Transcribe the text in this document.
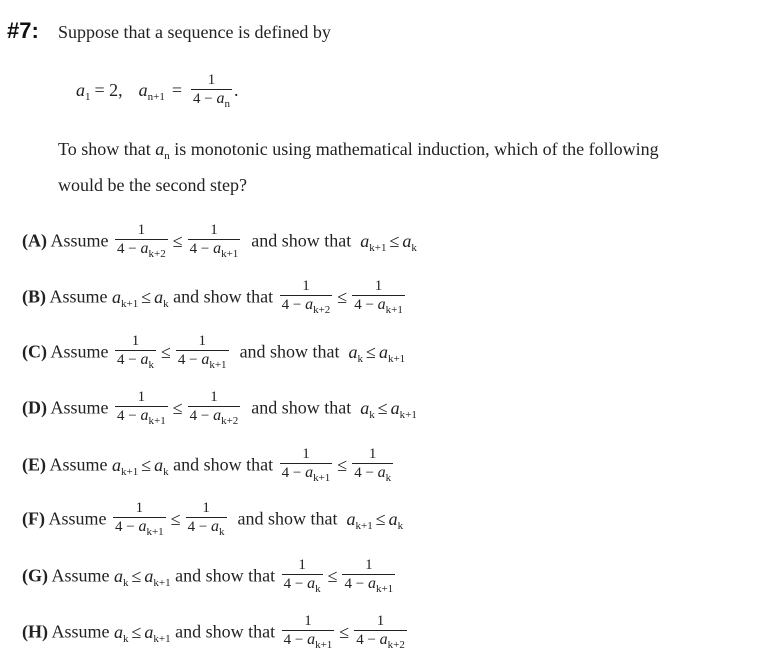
#7: Suppose that a sequence is defined by
$a_1 = 2$, $a_{n+1} = \frac{1}{4 - a_n}$ .
To show that $a_n$ is monotonic using mathematical induction, which of the following
would be the second step?
(A) Assume $\frac{1}{4 - a_{k+2}} \le \frac{1}{4 - a_{k+1}}$ and show that $a_{k+1} \le a_k$
(B) Assume $a_{k+1} \le a_k$ and show that $\frac{1}{4 - a_{k+2}} \le \frac{1}{4 - a_{k+1}}$
(C) Assume $\frac{1}{4 - a_k} \le \frac{1}{4 - a_{k+1}}$ and show that $a_k \le a_{k+1}$
(D) Assume $\frac{1}{4 - a_{k+1}} \le \frac{1}{4 - a_{k+2}}$ and show that $a_k \le a_{k+1}$
(E) Assume $a_{k+1} \le a_k$ and show that $\frac{1}{4 - a_{k+1}} \le \frac{1}{4 - a_k}$
(F) Assume $\frac{1}{4 - a_{k+1}} \le \frac{1}{4 - a_k}$ and show that $a_{k+1} \le a_k$
(G) Assume $a_k \le a_{k+1}$ and show that $\frac{1}{4 - a_k} \le \frac{1}{4 - a_{k+1}}$
(H) Assume $a_k \le a_{k+1}$ and show that $\frac{1}{4 - a_{k+1}} \le \frac{1}{4 - a_{k+2}}$
